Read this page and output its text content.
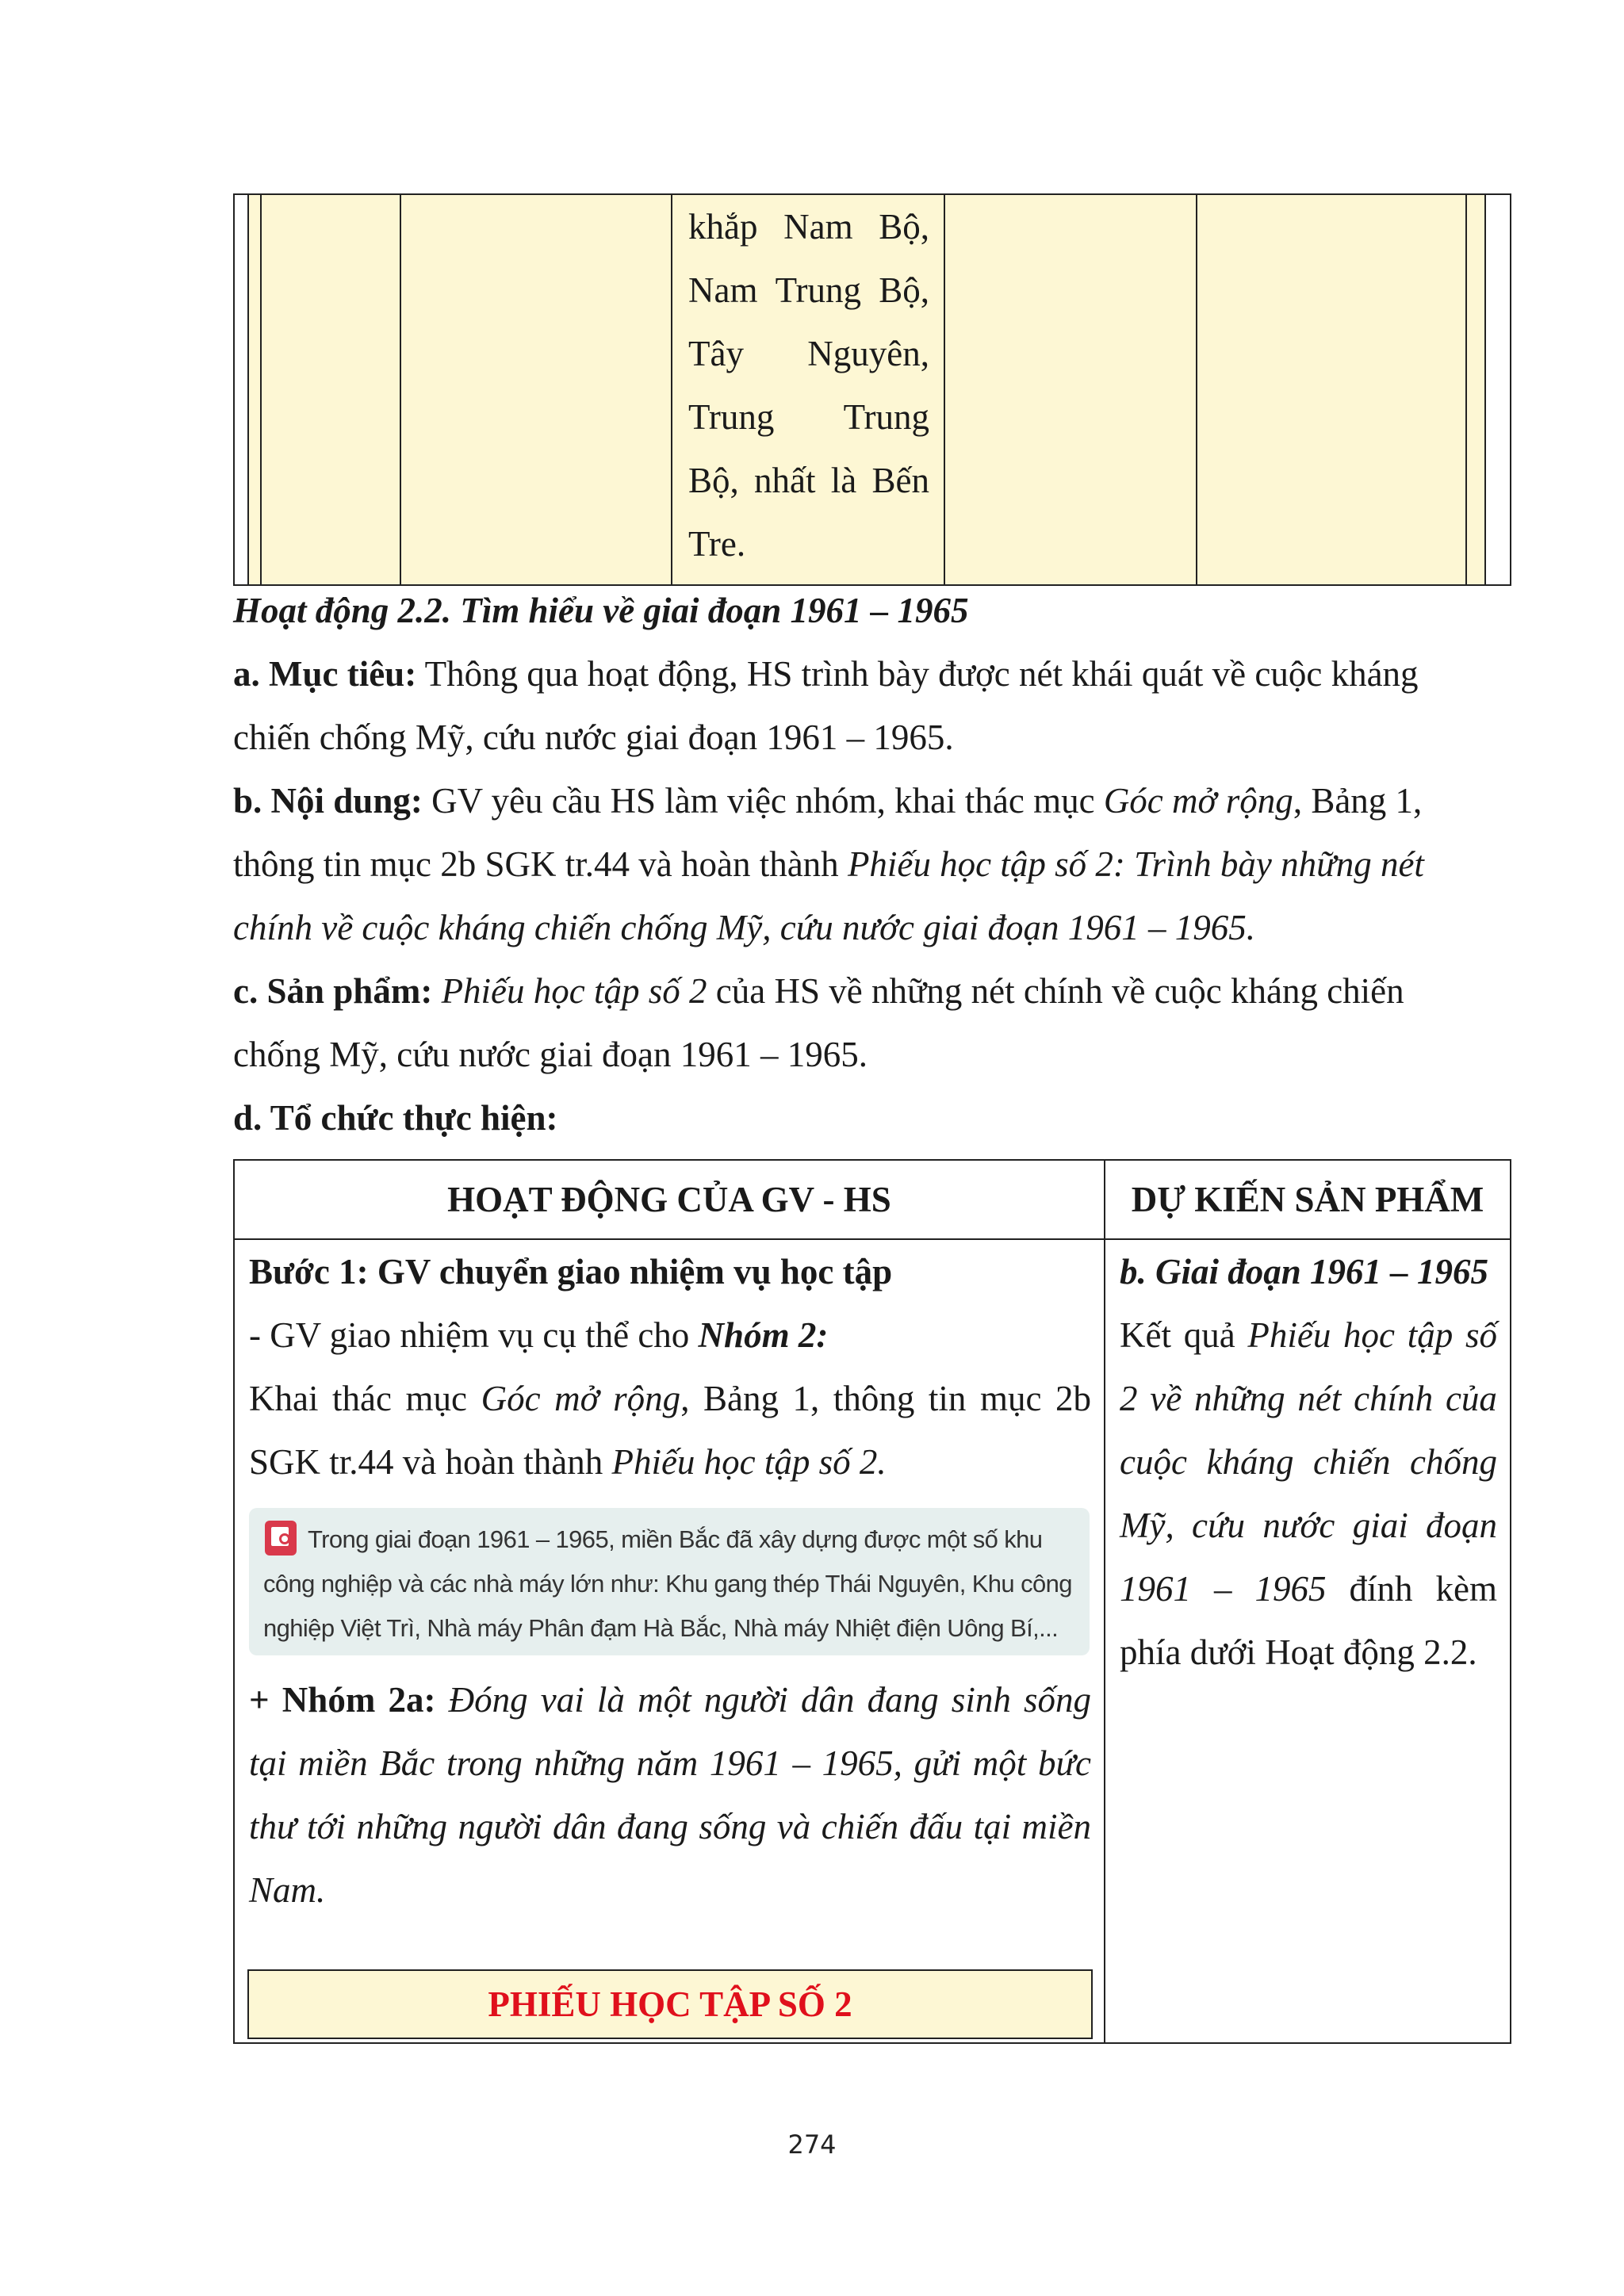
khắp Nam Bộ,
Nam Trung Bộ,
Tây Nguyên,
Trung Trung
Bộ, nhất là Bến
Tre.
Hoạt động 2.2. Tìm hiểu về giai đoạn 1961 – 1965
a. Mục tiêu: Thông qua hoạt động, HS trình bày được nét khái quát về cuộc kháng chiến chống Mỹ, cứu nước giai đoạn 1961 – 1965.
b. Nội dung: GV yêu cầu HS làm việc nhóm, khai thác mục Góc mở rộng, Bảng 1, thông tin mục 2b SGK tr.44 và hoàn thành Phiếu học tập số 2: Trình bày những nét chính về cuộc kháng chiến chống Mỹ, cứu nước giai đoạn 1961 – 1965.
c. Sản phẩm: Phiếu học tập số 2 của HS về những nét chính về cuộc kháng chiến chống Mỹ, cứu nước giai đoạn 1961 – 1965.
d. Tổ chức thực hiện:
HOẠT ĐỘNG CỦA GV - HS	DỰ KIẾN SẢN PHẨM
Bước 1: GV chuyển giao nhiệm vụ học tập
- GV giao nhiệm vụ cụ thể cho Nhóm 2:
Khai thác mục Góc mở rộng, Bảng 1, thông tin mục 2b SGK tr.44 và hoàn thành Phiếu học tập số 2.
Trong giai đoạn 1961 – 1965, miền Bắc đã xây dựng được một số khu công nghiệp và các nhà máy lớn như: Khu gang thép Thái Nguyên, Khu công nghiệp Việt Trì, Nhà máy Phân đạm Hà Bắc, Nhà máy Nhiệt điện Uông Bí,...
+ Nhóm 2a: Đóng vai là một người dân đang sinh sống tại miền Bắc trong những năm 1961 – 1965, gửi một bức thư tới những người dân đang sống và chiến đấu tại miền Nam.
PHIẾU HỌC TẬP SỐ 2
b. Giai đoạn 1961 – 1965
Kết quả Phiếu học tập số
2 về những nét chính của
cuộc kháng chiến chống
Mỹ, cứu nước giai đoạn
1961 – 1965 đính kèm
phía dưới Hoạt động 2.2.
274
